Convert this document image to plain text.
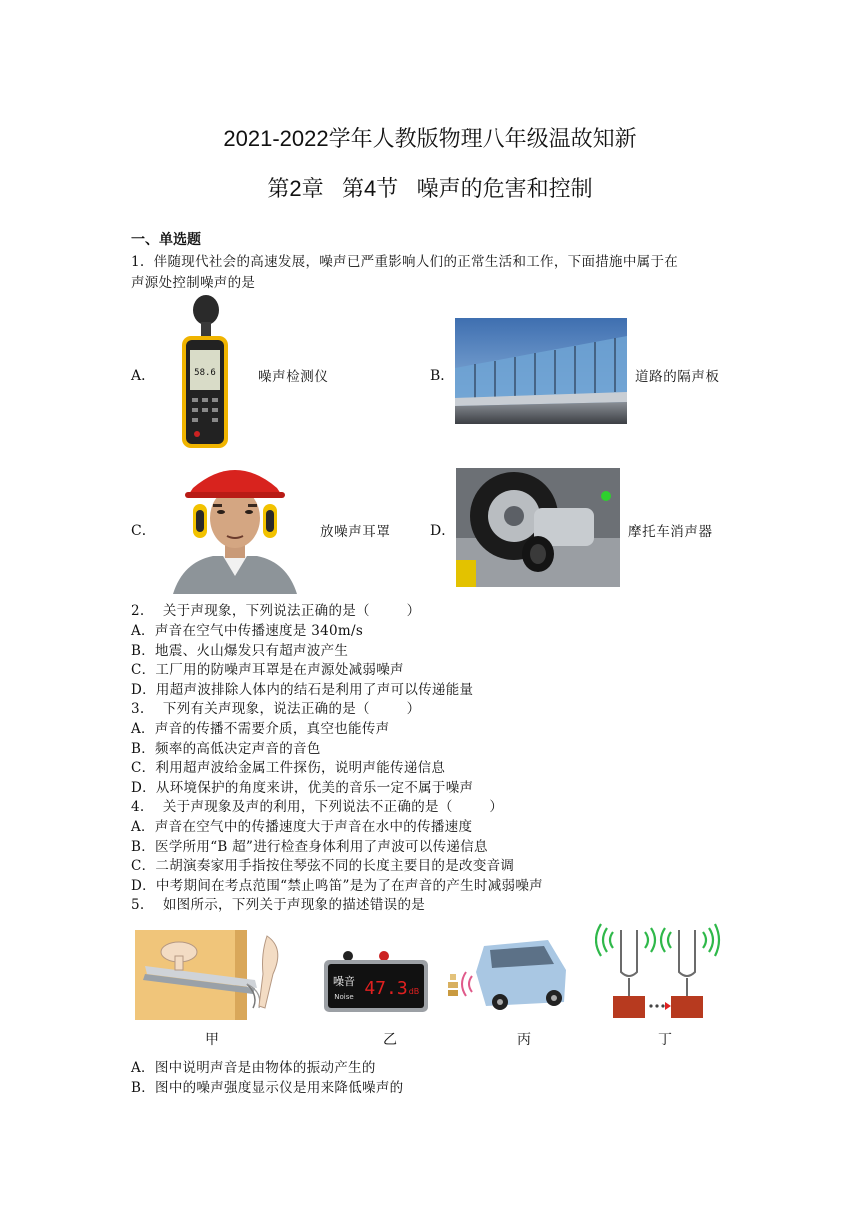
2021-2022学年人教版物理八年级温故知新
第2章   第4节   噪声的危害和控制
一、单选题
1.  伴随现代社会的高速发展，噪声已严重影响人们的正常生活和工作，下面措施中属于在
声源处控制噪声的是
A．	58.6	噪声检测仪	B．	道路的隔声板
C．	放噪声耳罩	D．	摩托车消声器
2.    关于声现象，下列说法正确的是（        ）
A．声音在空气中传播速度是 340m/s
B．地震、火山爆发只有超声波产生
C．工厂用的防噪声耳罩是在声源处减弱噪声
D．用超声波排除人体内的结石是利用了声可以传递能量
3.    下列有关声现象，说法正确的是（        ）
A．声音的传播不需要介质，真空也能传声
B．频率的高低决定声音的音色
C．利用超声波给金属工件探伤，说明声能传递信息
D．从环境保护的角度来讲，优美的音乐一定不属于噪声
4.    关于声现象及声的利用，下列说法不正确的是（        ）
A．声音在空气中的传播速度大于声音在水中的传播速度
B．医学所用“B 超”进行检查身体利用了声波可以传递信息
C．二胡演奏家用手指按住琴弦不同的长度主要目的是改变音调
D．中考期间在考点范围“禁止鸣笛”是为了在声音的产生时减弱噪声
5.    如图所示，下列关于声现象的描述错误的是
噪音
Noise 47.3 dB
甲	乙	丙	丁
A．图中说明声音是由物体的振动产生的
B．图中的噪声强度显示仪是用来降低噪声的
